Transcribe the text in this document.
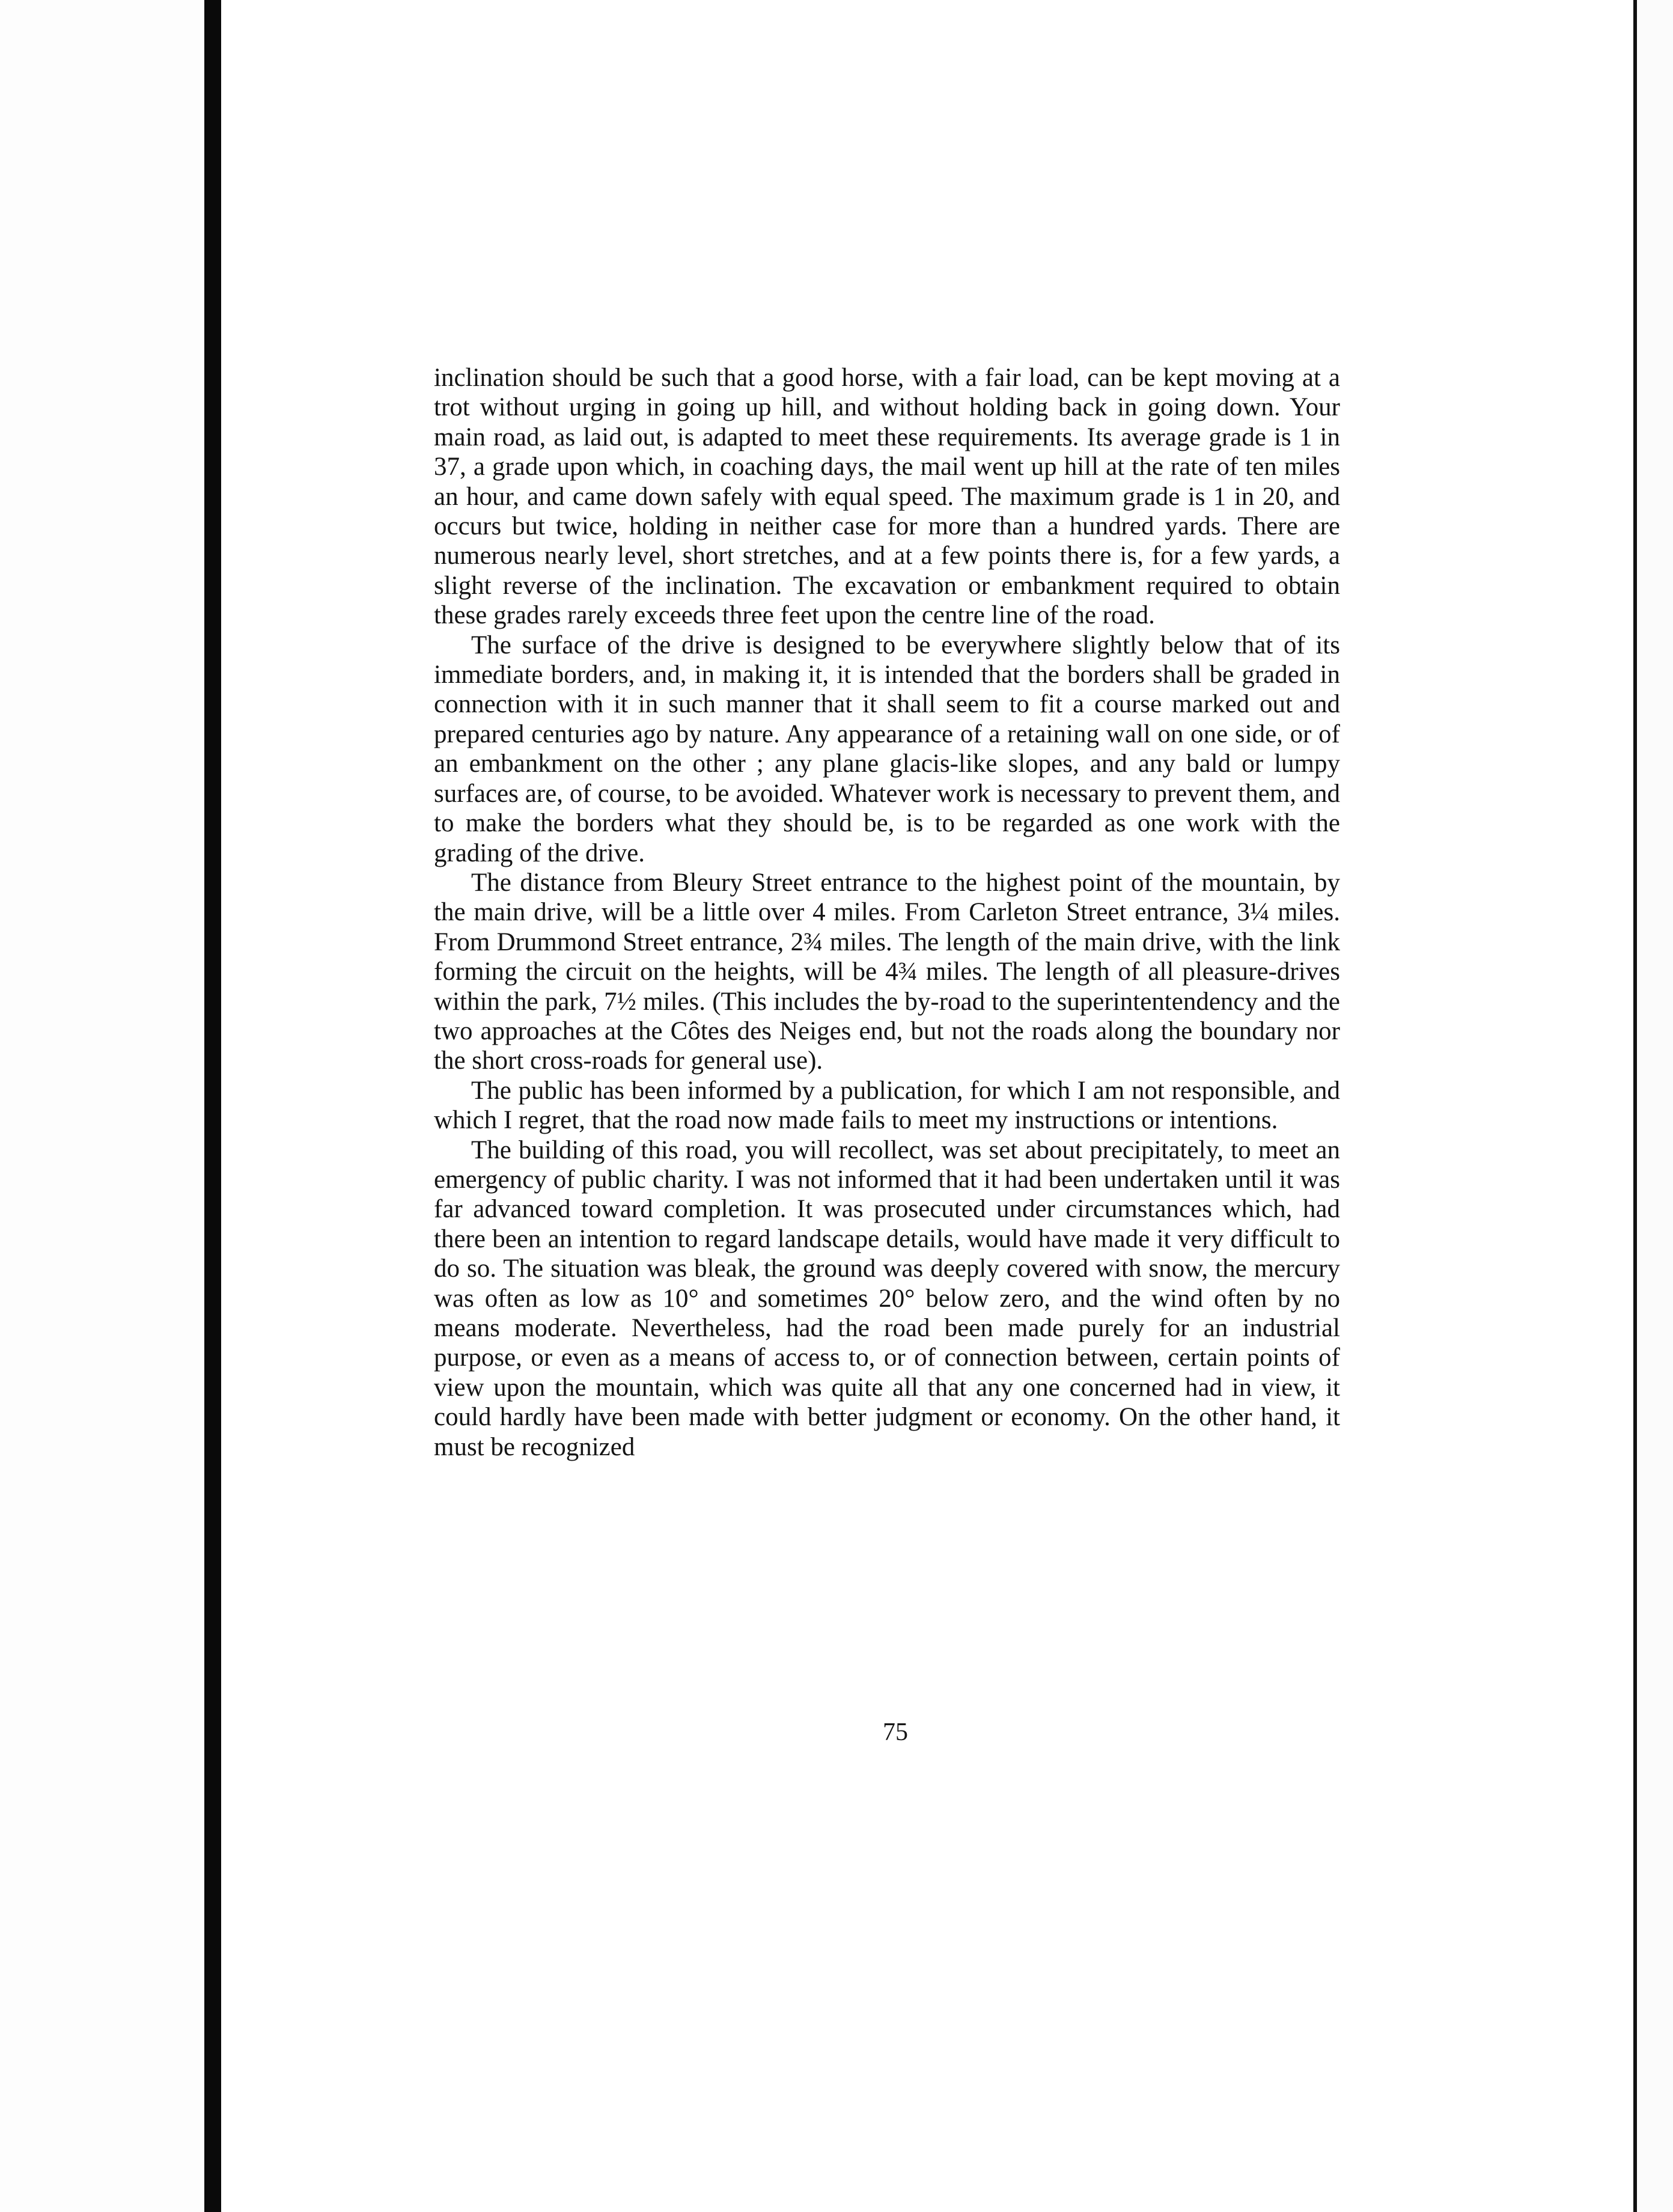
inclination should be such that a good horse, with a fair load, can be kept moving at a trot without urging in going up hill, and without holding back in going down. Your main road, as laid out, is adapted to meet these requirements. Its average grade is 1 in 37, a grade upon which, in coaching days, the mail went up hill at the rate of ten miles an hour, and came down safely with equal speed. The maximum grade is 1 in 20, and occurs but twice, holding in neither case for more than a hundred yards. There are numerous nearly level, short stretches, and at a few points there is, for a few yards, a slight reverse of the inclination. The excavation or embankment required to obtain these grades rarely exceeds three feet upon the centre line of the road.

The surface of the drive is designed to be everywhere slightly below that of its immediate borders, and, in making it, it is intended that the borders shall be graded in connection with it in such manner that it shall seem to fit a course marked out and prepared centuries ago by nature. Any appearance of a retaining wall on one side, or of an embankment on the other ; any plane glacis-like slopes, and any bald or lumpy surfaces are, of course, to be avoided. Whatever work is necessary to prevent them, and to make the borders what they should be, is to be regarded as one work with the grading of the drive.

The distance from Bleury Street entrance to the highest point of the mountain, by the main drive, will be a little over 4 miles. From Carleton Street entrance, 3¼ miles. From Drummond Street entrance, 2¾ miles. The length of the main drive, with the link forming the circuit on the heights, will be 4¾ miles. The length of all pleasure-drives within the park, 7½ miles. (This includes the by-road to the superintentendency and the two approaches at the Côtes des Neiges end, but not the roads along the boundary nor the short cross-roads for general use).

The public has been informed by a publication, for which I am not responsible, and which I regret, that the road now made fails to meet my instructions or intentions.

The building of this road, you will recollect, was set about precipitately, to meet an emergency of public charity. I was not informed that it had been undertaken until it was far advanced toward completion. It was prosecuted under circumstances which, had there been an intention to regard landscape details, would have made it very difficult to do so. The situation was bleak, the ground was deeply covered with snow, the mercury was often as low as 10° and sometimes 20° below zero, and the wind often by no means moderate. Nevertheless, had the road been made purely for an industrial purpose, or even as a means of access to, or of connection between, certain points of view upon the mountain, which was quite all that any one concerned had in view, it could hardly have been made with better judgment or economy. On the other hand, it must be recognized

75
